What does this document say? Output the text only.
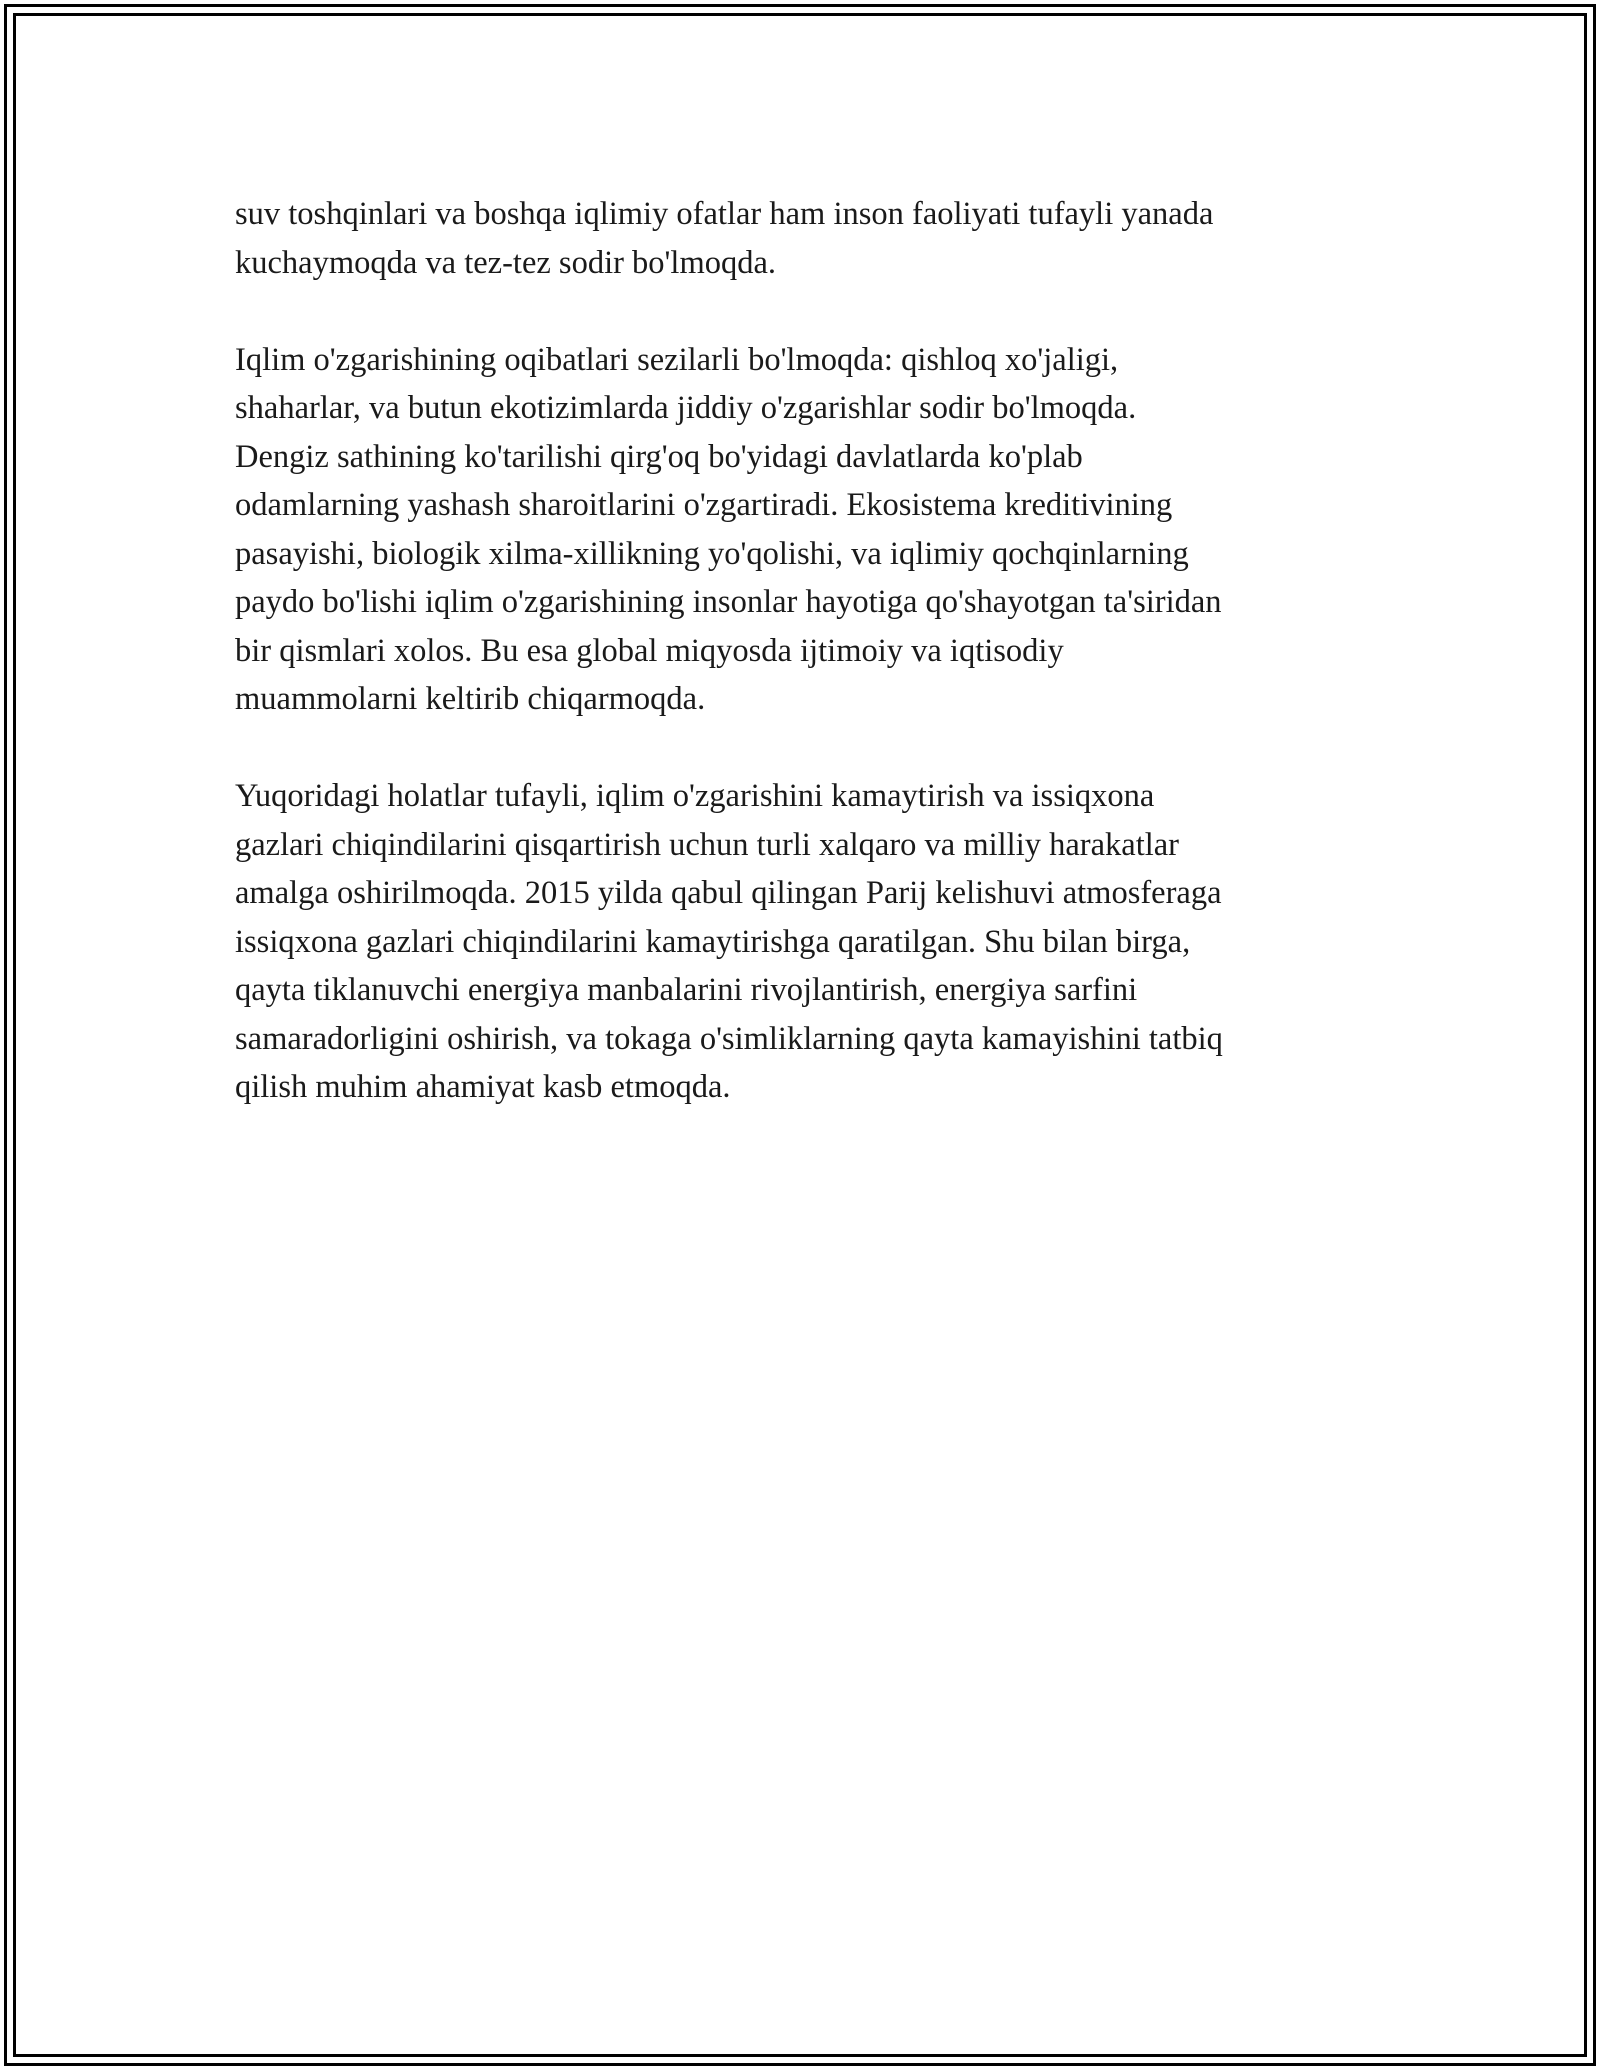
suv toshqinlari va boshqa iqlimiy ofatlar ham inson faoliyati tufayli yanada
kuchaymoqda va tez-tez sodir bo'lmoqda.

Iqlim o'zgarishining oqibatlari sezilarli bo'lmoqda: qishloq xo'jaligi,
shaharlar, va butun ekotizimlarda jiddiy o'zgarishlar sodir bo'lmoqda.
Dengiz sathining ko'tarilishi qirg'oq bo'yidagi davlatlarda ko'plab
odamlarning yashash sharoitlarini o'zgartiradi. Ekosistema kreditivining
pasayishi, biologik xilma-xillikning yo'qolishi, va iqlimiy qochqinlarning
paydo bo'lishi iqlim o'zgarishining insonlar hayotiga qo'shayotgan ta'siridan
bir qismlari xolos. Bu esa global miqyosda ijtimoiy va iqtisodiy
muammolarni keltirib chiqarmoqda.

Yuqoridagi holatlar tufayli, iqlim o'zgarishini kamaytirish va issiqxona
gazlari chiqindilarini qisqartirish uchun turli xalqaro va milliy harakatlar
amalga oshirilmoqda. 2015 yilda qabul qilingan Parij kelishuvi atmosferaga
issiqxona gazlari chiqindilarini kamaytirishga qaratilgan. Shu bilan birga,
qayta tiklanuvchi energiya manbalarini rivojlantirish, energiya sarfini
samaradorligini oshirish, va tokaga o'simliklarning qayta kamayishini tatbiq
qilish muhim ahamiyat kasb etmoqda.
